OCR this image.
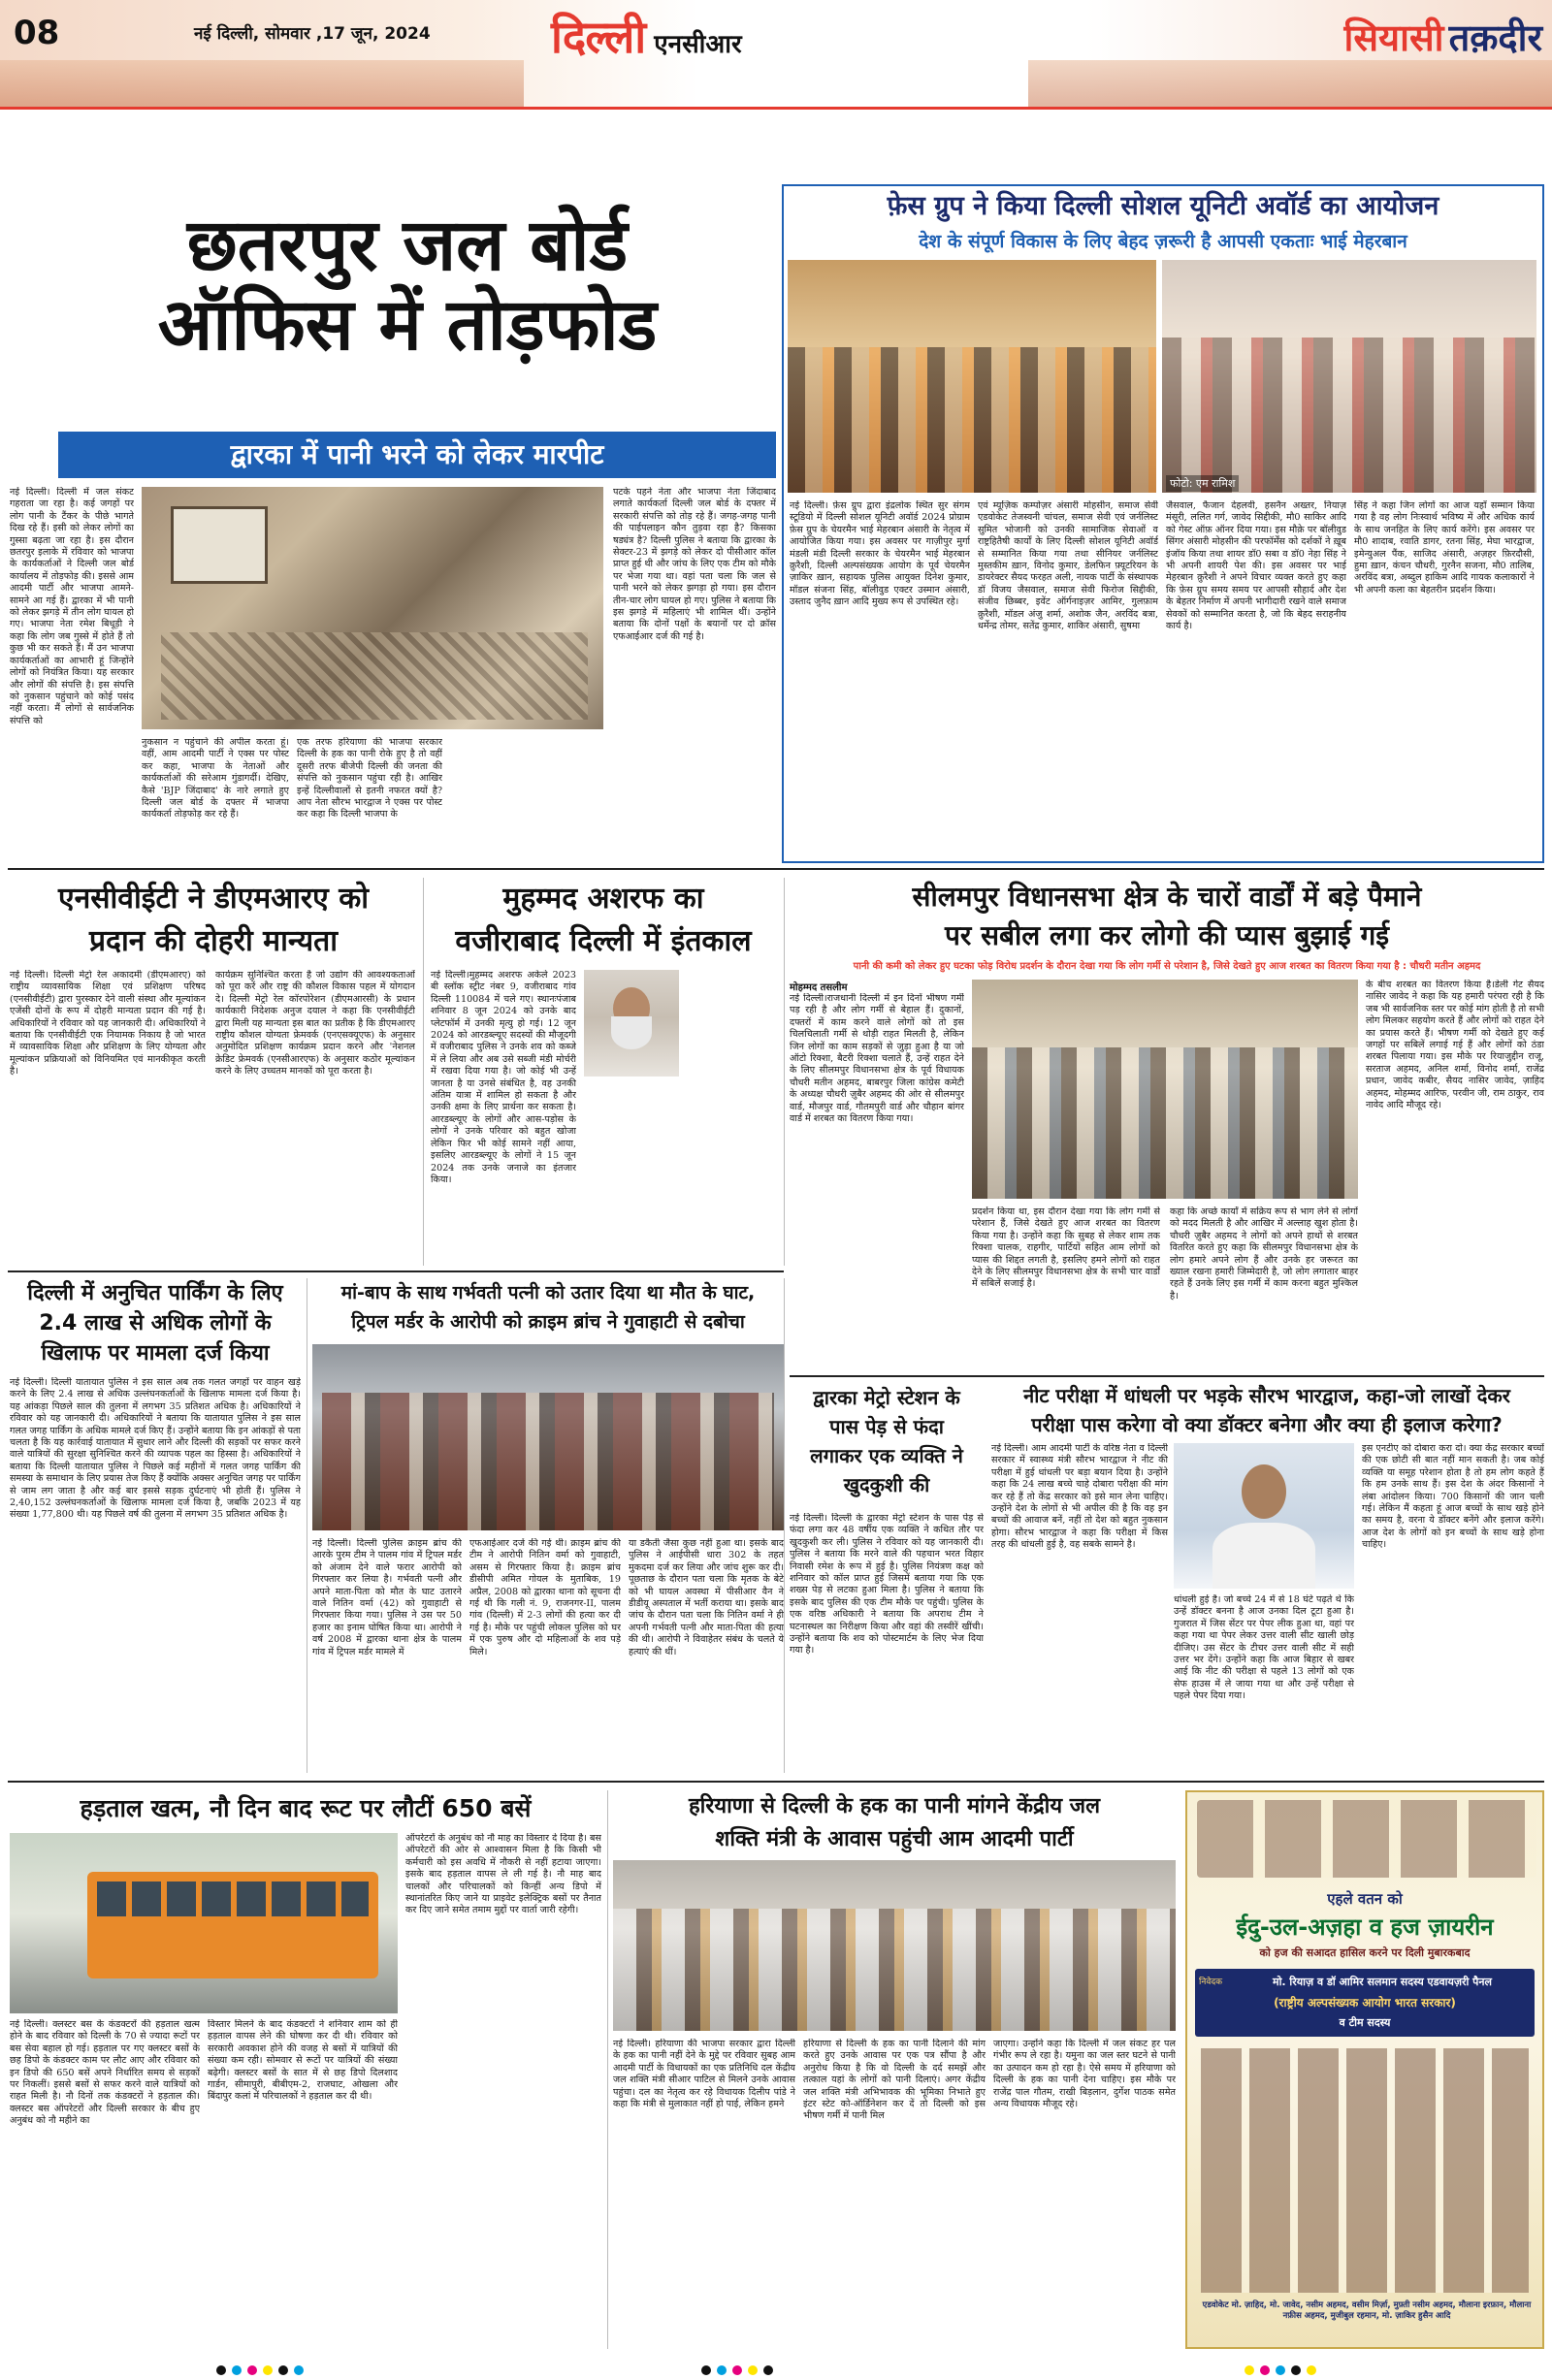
08	नई दिल्ली, सोमवार ,17 जून, 2024	दिल्ली एनसीआर	सियासी तक़दीर
छतरपुर जल बोर्ड
ऑफिस में तोड़फोड
द्वारका में पानी भरने को लेकर मारपीट
नई दिल्ली। दिल्ली में जल संकट गहराता जा रहा है। कई जगहों पर लोग पानी के टैंकर के पीछे भागते दिख रहे हैं। इसी को लेकर लोगों का गुस्सा बढ़ता जा रहा है। इस दौरान छतरपुर इलाके में रविवार को भाजपा के कार्यकर्ताओं ने दिल्ली जल बोर्ड कार्यालय में तोड़फोड़ की। इससे आम आदमी पार्टी और भाजपा आमने-सामने आ गई हैं। द्वारका में भी पानी को लेकर झगड़े में तीन लोग घायल हो गए। भाजपा नेता रमेश बिधूड़ी ने कहा कि लोग जब गुस्से में होते हैं तो कुछ भी कर सकते हैं। मैं उन भाजपा कार्यकर्ताओं का आभारी हूं जिन्होंने लोगों को नियंत्रित किया। यह सरकार और लोगों की संपत्ति है। इस संपत्ति को नुकसान पहुंचाने को कोई पसंद नहीं करता। मैं लोगों से सार्वजनिक संपत्ति को
नुकसान न पहुंचाने की अपील करता हूं। वहीं, आम आदमी पार्टी ने एक्स पर पोस्ट कर कहा, भाजपा के नेताओं और कार्यकर्ताओं की सरेआम गुंडागर्दी। देखिए, कैसे 'BJP जिंदाबाद' के नारे लगाते हुए दिल्ली जल बोर्ड के दफ्तर में भाजपा कार्यकर्ता तोड़फोड़ कर रहे हैं।
एक तरफ हरियाणा की भाजपा सरकार दिल्ली के हक का पानी रोके हुए है तो वहीं दूसरी तरफ बीजेपी दिल्ली की जनता की संपत्ति को नुकसान पहुंचा रही है। आखिर इन्हें दिल्लीवालों से इतनी नफरत क्यों है? आप नेता सौरभ भारद्वाज ने एक्स पर पोस्ट कर कहा कि दिल्ली भाजपा के
पटके पहने नेता और भाजपा नेता जिंदाबाद लगाते कार्यकर्ता दिल्ली जल बोर्ड के दफ्तर में सरकारी संपत्ति को तोड़ रहे हैं। जगह-जगह पानी की पाईपलाइन कौन तुड़वा रहा है? किसका षड्यंत्र है? दिल्ली पुलिस ने बताया कि द्वारका के सेक्टर-23 में झगड़े को लेकर दो पीसीआर कॉल प्राप्त हुई थी और जांच के लिए एक टीम को मौके पर भेजा गया था। वहां पता चला कि जल से पानी भरने को लेकर झगड़ा हो गया। इस दौरान तीन-चार लोग घायल हो गए। पुलिस ने बताया कि इस झगड़े में महिलाएं भी शामिल थीं। उन्होंने बताया कि दोनों पक्षों के बयानों पर दो क्रॉस एफआईआर दर्ज की गई है।
फ़ेस ग्रुप ने किया दिल्ली सोशल यूनिटी अवॉर्ड का आयोजन
देश के संपूर्ण विकास के लिए बेहद ज़रूरी है आपसी एकताः भाई मेहरबान
फोटो: एम रामिश
नई दिल्ली। फ़ेस ग्रुप द्वारा इंद्रलोक स्थित सुर संगम स्टूडियो में दिल्ली सोशल यूनिटी अवॉर्ड 2024 प्रोग्राम फ़ेस ग्रुप के चेयरमैन भाई मेहरबान अंसारी के नेतृत्व में आयोजित किया गया। इस अवसर पर गाज़ीपुर मुर्गा मंडली मंडी दिल्ली सरकार के चेयरमैन भाई मेहरबान क़ुरैशी, दिल्ली अल्पसंख्यक आयोग के पूर्व चेयरमैन ज़ाकिर ख़ान, सहायक पुलिस आयुक्त दिनेश कुमार, मॉडल संजना सिंह, बॉलीवुड एक्टर उस्मान अंसारी, उस्ताद जुनैद ख़ान आदि मुख्य रूप से उपस्थित रहे।
एवं म्यूज़िक कम्पोज़र अंसारी मोहसीन, समाज सेवी एडवोकेट तेजस्वनी चांचल, समाज सेवी एवं जर्नलिस्ट सुमित भोजानी को उनकी सामाजिक सेवाओं व राष्ट्रहितैषी कार्यों के लिए दिल्ली सोशल यूनिटी अवॉर्ड से सम्मानित किया गया तथा सीनियर जर्नलिस्ट मुस्तकीम ख़ान, विनोद कुमार, डेलफिन फ़्यूटरियन के डायरेक्टर सैयद फरहत अली, नायक पार्टी के संस्थापक डॉ विजय जैसवाल, समाज सेवी फिरोज सिद्दीकी, संजीव छिब्बर, इवेंट ऑर्गनाइज़र आमिर, गुलफ़ाम क़ुरैशी, मॉडल अंजु शर्मा, अशोक जैन, अरविंद बत्रा, धर्मेन्द्र तोमर, सतेंद्र कुमार, शाकिर अंसारी, सुषमा
जैसवाल, फैजान देहलवी, हसनैन अख्तर, नियाज़ मंसूरी, ललित गर्ग, जावेद सिद्दीकी, मौ0 साकिर आदि को गेस्ट ऑफ़ ऑनर दिया गया। इस मौक़े पर बॉलीवुड सिंगर अंसारी मोहसीन की परफॉर्मेंस को दर्शकों ने ख़ूब इंजॉय किया तथा शायर डॉ0 सबा व डॉ0 नेहा सिंह ने भी अपनी शायरी पेश की। इस अवसर पर भाई मेहरबान क़ुरैशी ने अपने विचार व्यक्त करते हुए कहा कि फ़ेस ग्रुप समय समय पर आपसी सौहार्द और देश के बेहतर निर्माण में अपनी भागीदारी रखने वाले समाज सेवकों को सम्मानित करता है, जो कि बेहद सराहनीय कार्य है।
सिंह ने कहा जिन लोगों का आज यहाँ सम्मान किया गया है वह लोग निःस्वार्थ भविष्य में और अधिक कार्य के साथ जनहित के लिए कार्य करेंगे। इस अवसर पर मौ0 शादाब, रवाति डागर, रतना सिंह, मेघा भारद्वाज, इमेन्युअल पैंक, साजिद अंसारी, अज़हर फ़िरदौसी, हुमा ख़ान, कंचन चौधरी, गुरनैन सजना, मौ0 तालिब, अरविंद बत्रा, अब्दुल हाकिम आदि गायक कलाकारों ने भी अपनी कला का बेहतरीन प्रदर्शन किया।
एनसीवीईटी ने डीएमआरए को
प्रदान की दोहरी मान्यता
नई दिल्ली। दिल्ली मेट्रो रेल अकादमी (डीएमआरए) को राष्ट्रीय व्यावसायिक शिक्षा एवं प्रशिक्षण परिषद (एनसीवीईटी) द्वारा पुरस्कार देने वाली संस्था और मूल्यांकन एजेंसी दोनों के रूप में दोहरी मान्यता प्रदान की गई है। अधिकारियों ने रविवार को यह जानकारी दी। अधिकारियों ने बताया कि एनसीवीईटी एक नियामक निकाय है जो भारत में व्यावसायिक शिक्षा और प्रशिक्षण के लिए योग्यता और मूल्यांकन प्रक्रियाओं को विनियमित एवं मानकीकृत करती है।
कार्यक्रम सुनिश्चित करता है जो उद्योग की आवश्यकताओं को पूरा करें और राष्ट्र की कौशल विकास पहल में योगदान दे। दिल्ली मेट्रो रेल कॉरपोरेशन (डीएमआरसी) के प्रधान कार्यकारी निदेशक अनुज दयाल ने कहा कि एनसीवीईटी द्वारा मिली यह मान्यता इस बात का प्रतीक है कि डीएमआरए राष्ट्रीय कौशल योग्यता फ्रेमवर्क (एनएसक्यूएफ) के अनुसार अनुमोदित प्रशिक्षण कार्यक्रम प्रदान करने और 'नेशनल क्रेडिट फ्रेमवर्क (एनसीआरएफ) के अनुसार कठोर मूल्यांकन करने के लिए उच्चतम मानकों को पूरा करता है।
मुहम्मद अशरफ का
वजीराबाद दिल्ली में इंतकाल
नई दिल्ली।मुहम्मद अशरफ अकेले 2023 बी स्लॉक स्ट्रीट नंबर 9, वजीराबाद गांव दिल्ली 110084 में चले गए। स्थानःपंजाब शनिवार 8 जून 2024 को उनके बाद प्लेटफॉर्म में उनकी मृत्यु हो गई। 12 जून 2024 को आरडब्ल्यूए सदस्यों की मौजूदगी में वजीराबाद पुलिस ने उनके शव को कब्जे में ले लिया और अब उसे सब्जी मंडी मोर्चरी में रखवा दिया गया है। जो कोई भी उन्हें जानता है या उनसे संबंधित है, वह उनकी अंतिम यात्रा में शामिल हो सकता है और उनकी क्षमा के लिए प्रार्थना कर सकता है। आरडब्ल्यूए के लोगों और आस-पड़ोस के लोगों ने उनके परिवार को बहुत खोजा लेकिन फिर भी कोई सामने नहीं आया, इसलिए आरडब्ल्यूए के लोगों ने 15 जून 2024 तक उनके जनाजे का इंतजार किया।
सीलमपुर विधानसभा क्षेत्र के चारों वार्डों में बड़े पैमाने
पर सबील लगा कर लोगो की प्यास बुझाई गई
पानी की कमी को लेकर हुए घटका फोड़ विरोध प्रदर्शन के दौरान देखा गया कि लोग गर्मी से परेशान है, जिसे देखते हुए आज शरबत का वितरण किया गया है : चौधरी मतीन अहमद
मोहम्मद तसलीम
नई दिल्ली।राजधानी दिल्ली में इन दिनों भीषण गर्मी पड़ रही है और लोग गर्मी से बेहाल हैं। दुकानों, दफ्तरों में काम करने वाले लोगों को तो इस चिलचिलाती गर्मी से थोड़ी राहत मिलती है, लेकिन जिन लोगों का काम सड़कों से जुड़ा हुआ है या जो ऑटो रिक्शा, बैटरी रिक्शा चलाते हैं, उन्हें राहत देने के लिए सीलमपुर विधानसभा क्षेत्र के पूर्व विधायक चौधरी मतीन अहमद, बाबरपुर जिला कांग्रेस कमेटी के अध्यक्ष चौधरी ज़ुबैर अहमद की ओर से सीलमपुर वार्ड, मौजपुर वार्ड, गौतमपुरी वार्ड और चौहान बांगर वार्ड में शरबत का वितरण किया गया।
प्रदर्शन किया था, इस दौरान देखा गया कि लोग गर्मी से परेशान हैं, जिसे देखते हुए आज शरबत का वितरण किया गया है। उन्होंने कहा कि सुबह से लेकर शाम तक रिक्शा चालक, राहगीर, पार्टियों सहित आम लोगों को प्यास की शिद्दत लगती है, इसलिए हमने लोगों को राहत देने के लिए सीलमपुर विधानसभा क्षेत्र के सभी चार वार्डों में सबिलें सजाई है।
कहा कि अच्छे कार्यों में सक्रिय रूप से भाग लेने से लोगों को मदद मिलती है और आखिर में अल्लाह खुश होता है। चौधरी ज़ुबैर अहमद ने लोगों को अपने हाथों से शरबत वितरित करते हुए कहा कि सीलमपुर विधानसभा क्षेत्र के लोग हमारे अपने लोग हैं और उनके हर जरूरत का ख्याल रखना हमारी जिम्मेदारी है, जो लोग लगातार बाहर रहते हैं उनके लिए इस गर्मी में काम करना बहुत मुश्किल है।
के बीच शरबत का वितरण किया है।डेली गेट सैयद नासिर जावेद ने कहा कि यह हमारी परंपरा रही है कि जब भी सार्वजनिक स्तर पर कोई मांग होती है तो सभी लोग मिलकर सहयोग करते हैं और लोगों को राहत देने का प्रयास करते हैं। भीषण गर्मी को देखते हुए कई जगहों पर सबिलें लगाई गई हैं और लोगों को ठंडा शरबत पिलाया गया। इस मौके पर रियाजुद्दीन राजू, सरताज अहमद, अनिल शर्मा, विनोद शर्मा, राजेंद्र प्रधान, जावेद कबीर, सैयद नासिर जावेद, ज़ाहिद अहमद, मोहम्मद आरिफ, परवीन जी, राम ठाकुर, राव नावेद आदि मौजूद रहे।
दिल्ली में अनुचित पार्किंग के लिए
2.4 लाख से अधिक लोगों के
खिलाफ पर मामला दर्ज किया
नई दिल्ली। दिल्ली यातायात पुलिस ने इस साल अब तक गलत जगहों पर वाहन खड़े करने के लिए 2.4 लाख से अधिक उल्लंघनकर्ताओं के खिलाफ मामला दर्ज किया है। यह आंकड़ा पिछले साल की तुलना में लगभग 35 प्रतिशत अधिक है। अधिकारियों ने रविवार को यह जानकारी दी। अधिकारियों ने बताया कि यातायात पुलिस ने इस साल गलत जगह पार्किंग के अधिक मामले दर्ज किए हैं। उन्होंने बताया कि इन आंकड़ों से पता चलता है कि यह कार्रवाई यातायात में सुधार लाने और दिल्ली की सड़कों पर सफर करने वाले यात्रियों की सुरक्षा सुनिश्चित करने की व्यापक पहल का हिस्सा है। अधिकारियों ने बताया कि दिल्ली यातायात पुलिस ने पिछले कई महीनों में गलत जगह पार्किंग की समस्या के समाधान के लिए प्रयास तेज किए हैं क्योंकि अक्सर अनुचित जगह पर पार्किंग से जाम लग जाता है और कई बार इससे सड़क दुर्घटनाएं भी होती हैं। पुलिस ने 2,40,152 उल्लंघनकर्ताओं के खिलाफ मामला दर्ज किया है, जबकि 2023 में यह संख्या 1,77,800 थी। यह पिछले वर्ष की तुलना में लगभग 35 प्रतिशत अधिक है।
मां-बाप के साथ गर्भवती पत्नी को उतार दिया था मौत के घाट,
ट्रिपल मर्डर के आरोपी को क्राइम ब्रांच ने गुवाहाटी से दबोचा
नई दिल्ली। दिल्ली पुलिस क्राइम ब्रांच की आरके पुरम टीम ने पालम गांव में ट्रिपल मर्डर को अंजाम देने वाले फरार आरोपी को गिरफ्तार कर लिया है। गर्भवती पत्नी और अपने माता-पिता को मौत के घाट उतारने वाले नितिन वर्मा (42) को गुवाहाटी से गिरफ्तार किया गया। पुलिस ने उस पर 50 हजार का इनाम घोषित किया था। आरोपी ने वर्ष 2008 में द्वारका थाना क्षेत्र के पालम गांव में ट्रिपल मर्डर मामले में
एफआईआर दर्ज की गई थी। क्राइम ब्रांच की टीम ने आरोपी नितिन वर्मा को गुवाहाटी, असम से गिरफ्तार किया है। क्राइम ब्रांच डीसीपी अमित गोयल के मुताबिक, 19 अप्रैल, 2008 को द्वारका थाना को सूचना दी गई थी कि गली नं. 9, राजनगर-II, पालम गांव (दिल्ली) में 2-3 लोगों की हत्या कर दी गई है। मौके पर पहुंची लोकल पुलिस को घर में एक पुरुष और दो महिलाओं के शव पड़े मिले।
या डकैती जैसा कुछ नहीं हुआ था। इसके बाद पुलिस ने आईपीसी धारा 302 के तहत मुकदमा दर्ज कर लिया और जांच शुरू कर दी। पूछताछ के दौरान पता चला कि मृतक के बेटे को भी घायल अवस्था में पीसीआर वैन ने डीडीयू अस्पताल में भर्ती कराया था। इसके बाद जांच के दौरान पता चला कि नितिन वर्मा ने ही अपनी गर्भवती पत्नी और माता-पिता की हत्या की थी। आरोपी ने विवाहेतर संबंध के चलते ये हत्याएं की थीं।
द्वारका मेट्रो स्टेशन के
पास पेड़ से फंदा
लगाकर एक व्यक्ति ने
खुदकुशी की
नई दिल्ली। दिल्ली के द्वारका मेट्रो स्टेशन के पास पेड़ से फंदा लगा कर 48 वर्षीय एक व्यक्ति ने कथित तौर पर खुदकुशी कर ली। पुलिस ने रविवार को यह जानकारी दी। पुलिस ने बताया कि मरने वाले की पहचान भरत विहार निवासी रमेश के रूप में हुई है। पुलिस नियंत्रण कक्ष को शनिवार को कॉल प्राप्त हुई जिसमें बताया गया कि एक शख्स पेड़ से लटका हुआ मिला है। पुलिस ने बताया कि इसके बाद पुलिस की एक टीम मौके पर पहुंची। पुलिस के एक वरिष्ठ अधिकारी ने बताया कि अपराध टीम ने घटनास्थल का निरीक्षण किया और वहां की तस्वीरें खींची। उन्होंने बताया कि शव को पोस्टमार्टम के लिए भेज दिया गया है।
नीट परीक्षा में धांधली पर भड़के सौरभ भारद्वाज, कहा-जो लाखों देकर
परीक्षा पास करेगा वो क्या डॉक्टर बनेगा और क्या ही इलाज करेगा?
नई दिल्ली। आम आदमी पार्टी के वरिष्ठ नेता व दिल्ली सरकार में स्वास्थ्य मंत्री सौरभ भारद्वाज ने नीट की परीक्षा में हुई धांधली पर बड़ा बयान दिया है। उन्होंने कहा कि 24 लाख बच्चे चाहे दोबारा परीक्षा की मांग कर रहे हैं तो केंद्र सरकार को इसे मान लेना चाहिए। उन्होंने देश के लोगों से भी अपील की है कि वह इन बच्चों की आवाज बनें, नहीं तो देश को बहुत नुकसान होगा। सौरभ भारद्वाज ने कहा कि परीक्षा में किस तरह की धांधली हुई है, वह सबके सामने है।
धांधली हुई है। जो बच्चे 24 में से 18 घंटे पढ़ते थे कि उन्हें डॉक्टर बनना है आज उनका दिल टूटा हुआ है। गुजरात में जिस सेंटर पर पेपर लीक हुआ था, वहां पर कहा गया था पेपर लेकर उत्तर वाली सीट खाली छोड़ दीजिए। उस सेंटर के टीचर उत्तर वाली सीट में सही उत्तर भर देंगे। उन्होंने कहा कि आज बिहार से खबर आई कि नीट की परीक्षा से पहले 13 लोगों को एक सेफ हाउस में ले जाया गया था और उन्हें परीक्षा से पहले पेपर दिया गया।
इस एनटीए को दोबारा करा दो। क्या केंद्र सरकार बच्चों की एक छोटी सी बात नहीं मान सकती है। जब कोई व्यक्ति या समूह परेशान होता है तो हम लोग कहते हैं कि हम उनके साथ हैं। इस देश के अंदर किसानों ने लंबा आंदोलन किया। 700 किसानों की जान चली गई। लेकिन मैं कहता हूं आज बच्चों के साथ खड़े होने का समय है, वरना ये डॉक्टर बनेंगे और इलाज करेंगे। आज देश के लोगों को इन बच्चों के साथ खड़े होना चाहिए।
हड़ताल खत्म, नौ दिन बाद रूट पर लौटीं 650 बसें
नई दिल्ली। क्लस्टर बस के कंडक्टरों की हड़ताल खत्म होने के बाद रविवार को दिल्ली के 70 से ज्यादा रूटों पर बस सेवा बहाल हो गई। हड़ताल पर गए क्लस्टर बसों के छह डिपो के कंडक्टर काम पर लौट आए और रविवार को इन डिपो की 650 बसें अपने निर्धारित समय से सड़कों पर निकलीं। इससे बसों से सफर करने वाले यात्रियों को राहत मिली है। नौ दिनों तक कंडक्टरों ने हड़ताल की। क्लस्टर बस ऑपरेटरों और दिल्ली सरकार के बीच हुए अनुबंध को नौ महीने का
विस्तार मिलने के बाद कंडक्टरों ने शनिवार शाम को ही हड़ताल वापस लेने की घोषणा कर दी थी। रविवार को सरकारी अवकाश होने की वजह से बसों में यात्रियों की संख्या कम रही। सोमवार से रूटों पर यात्रियों की संख्या बढ़ेगी। क्लस्टर बसों के सात में से छह डिपो दिलशाद गार्डन, सीमापुरी, बीबीएम-2, राजघाट, ओखला और बिंदापुर कलां में परिचालकों ने हड़ताल कर दी थी।
ऑपरेटरों के अनुबंध को नौ माह का विस्तार दे दिया है। बस ऑपरेटरों की ओर से आश्वासन मिला है कि किसी भी कर्मचारी को इस अवधि में नौकरी से नहीं हटाया जाएगा। इसके बाद हड़ताल वापस ले ली गई है। नौ माह बाद चालकों और परिचालकों को किन्हीं अन्य डिपो में स्थानांतरित किए जाने या प्राइवेट इलेक्ट्रिक बसों पर तैनात कर दिए जाने समेत तमाम मुद्दों पर वार्ता जारी रहेगी।
हरियाणा से दिल्ली के हक का पानी मांगने केंद्रीय जल
शक्ति मंत्री के आवास पहुंची आम आदमी पार्टी
नई दिल्ली। हरियाणा की भाजपा सरकार द्वारा दिल्ली के हक का पानी नहीं देने के मुद्दे पर रविवार सुबह आम आदमी पार्टी के विधायकों का एक प्रतिनिधि दल केंद्रीय जल शक्ति मंत्री सीआर पाटिल से मिलने उनके आवास पहुंचा। दल का नेतृत्व कर रहे विधायक दिलीप पांडे ने कहा कि मंत्री से मुलाकात नहीं हो पाई, लेकिन हमने
हरियाणा से दिल्ली के हक का पानी दिलाने की मांग करते हुए उनके आवास पर एक पत्र सौंपा है और अनुरोध किया है कि वो दिल्ली के दर्द समझें और तत्काल यहां के लोगों को पानी दिलाएं। अगर केंद्रीय जल शक्ति मंत्री अभिभावक की भूमिका निभाते हुए इंटर स्टेट को-ऑर्डिनेशन कर दें तो दिल्ली को इस भीषण गर्मी में पानी मिल
जाएगा। उन्होंने कहा कि दिल्ली में जल संकट हर पल गंभीर रूप ले रहा है। यमुना का जल स्तर घटने से पानी का उत्पादन कम हो रहा है। ऐसे समय में हरियाणा को दिल्ली के हक का पानी देना चाहिए। इस मौके पर राजेंद्र पाल गौतम, राखी बिड़लान, दुर्गेश पाठक समेत अन्य विधायक मौजूद रहे।
एहले वतन को
ईदु-उल-अज़हा व हज ज़ायरीन
को हज की सआदत हासिल करने पर दिली मुबारकबाद
निवेदक	मो. रियाज़ व डॉ आमिर सलमान सदस्य एडवायज़री पैनल
(राष्ट्रीय अल्पसंख्यक आयोग भारत सरकार)
व टीम सदस्य
एडवोकेट मो. ज़ाहिद, मो. जावेद, नसीम अहमद, वसीम मिर्ज़ा, मुफ़्ती नसीम अहमद, मौलाना इरफ़ान, मौलाना नफ़ीस अहमद, मुजीबुल रहमान, मो. ज़ाकिर हुसैन आदि
